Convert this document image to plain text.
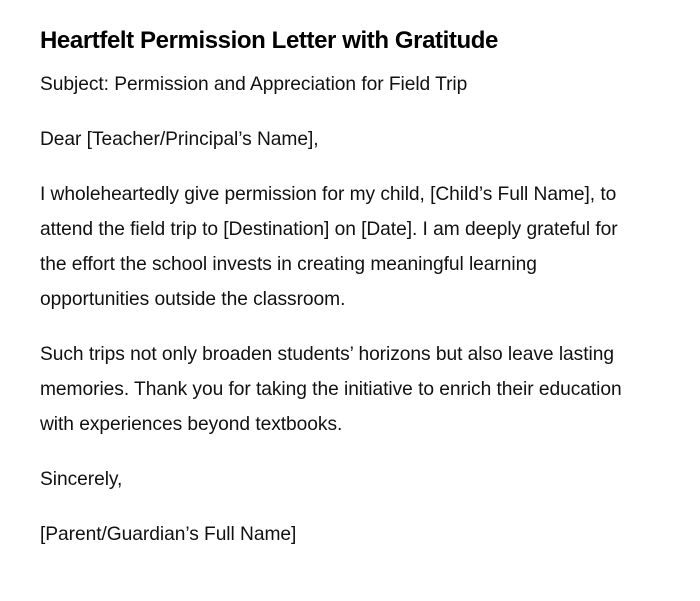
Heartfelt Permission Letter with Gratitude

Subject: Permission and Appreciation for Field Trip

Dear [Teacher/Principal’s Name],

I wholeheartedly give permission for my child, [Child’s Full Name], to attend the field trip to [Destination] on [Date]. I am deeply grateful for the effort the school invests in creating meaningful learning opportunities outside the classroom.

Such trips not only broaden students’ horizons but also leave lasting memories. Thank you for taking the initiative to enrich their education with experiences beyond textbooks.

Sincerely,

[Parent/Guardian’s Full Name]
